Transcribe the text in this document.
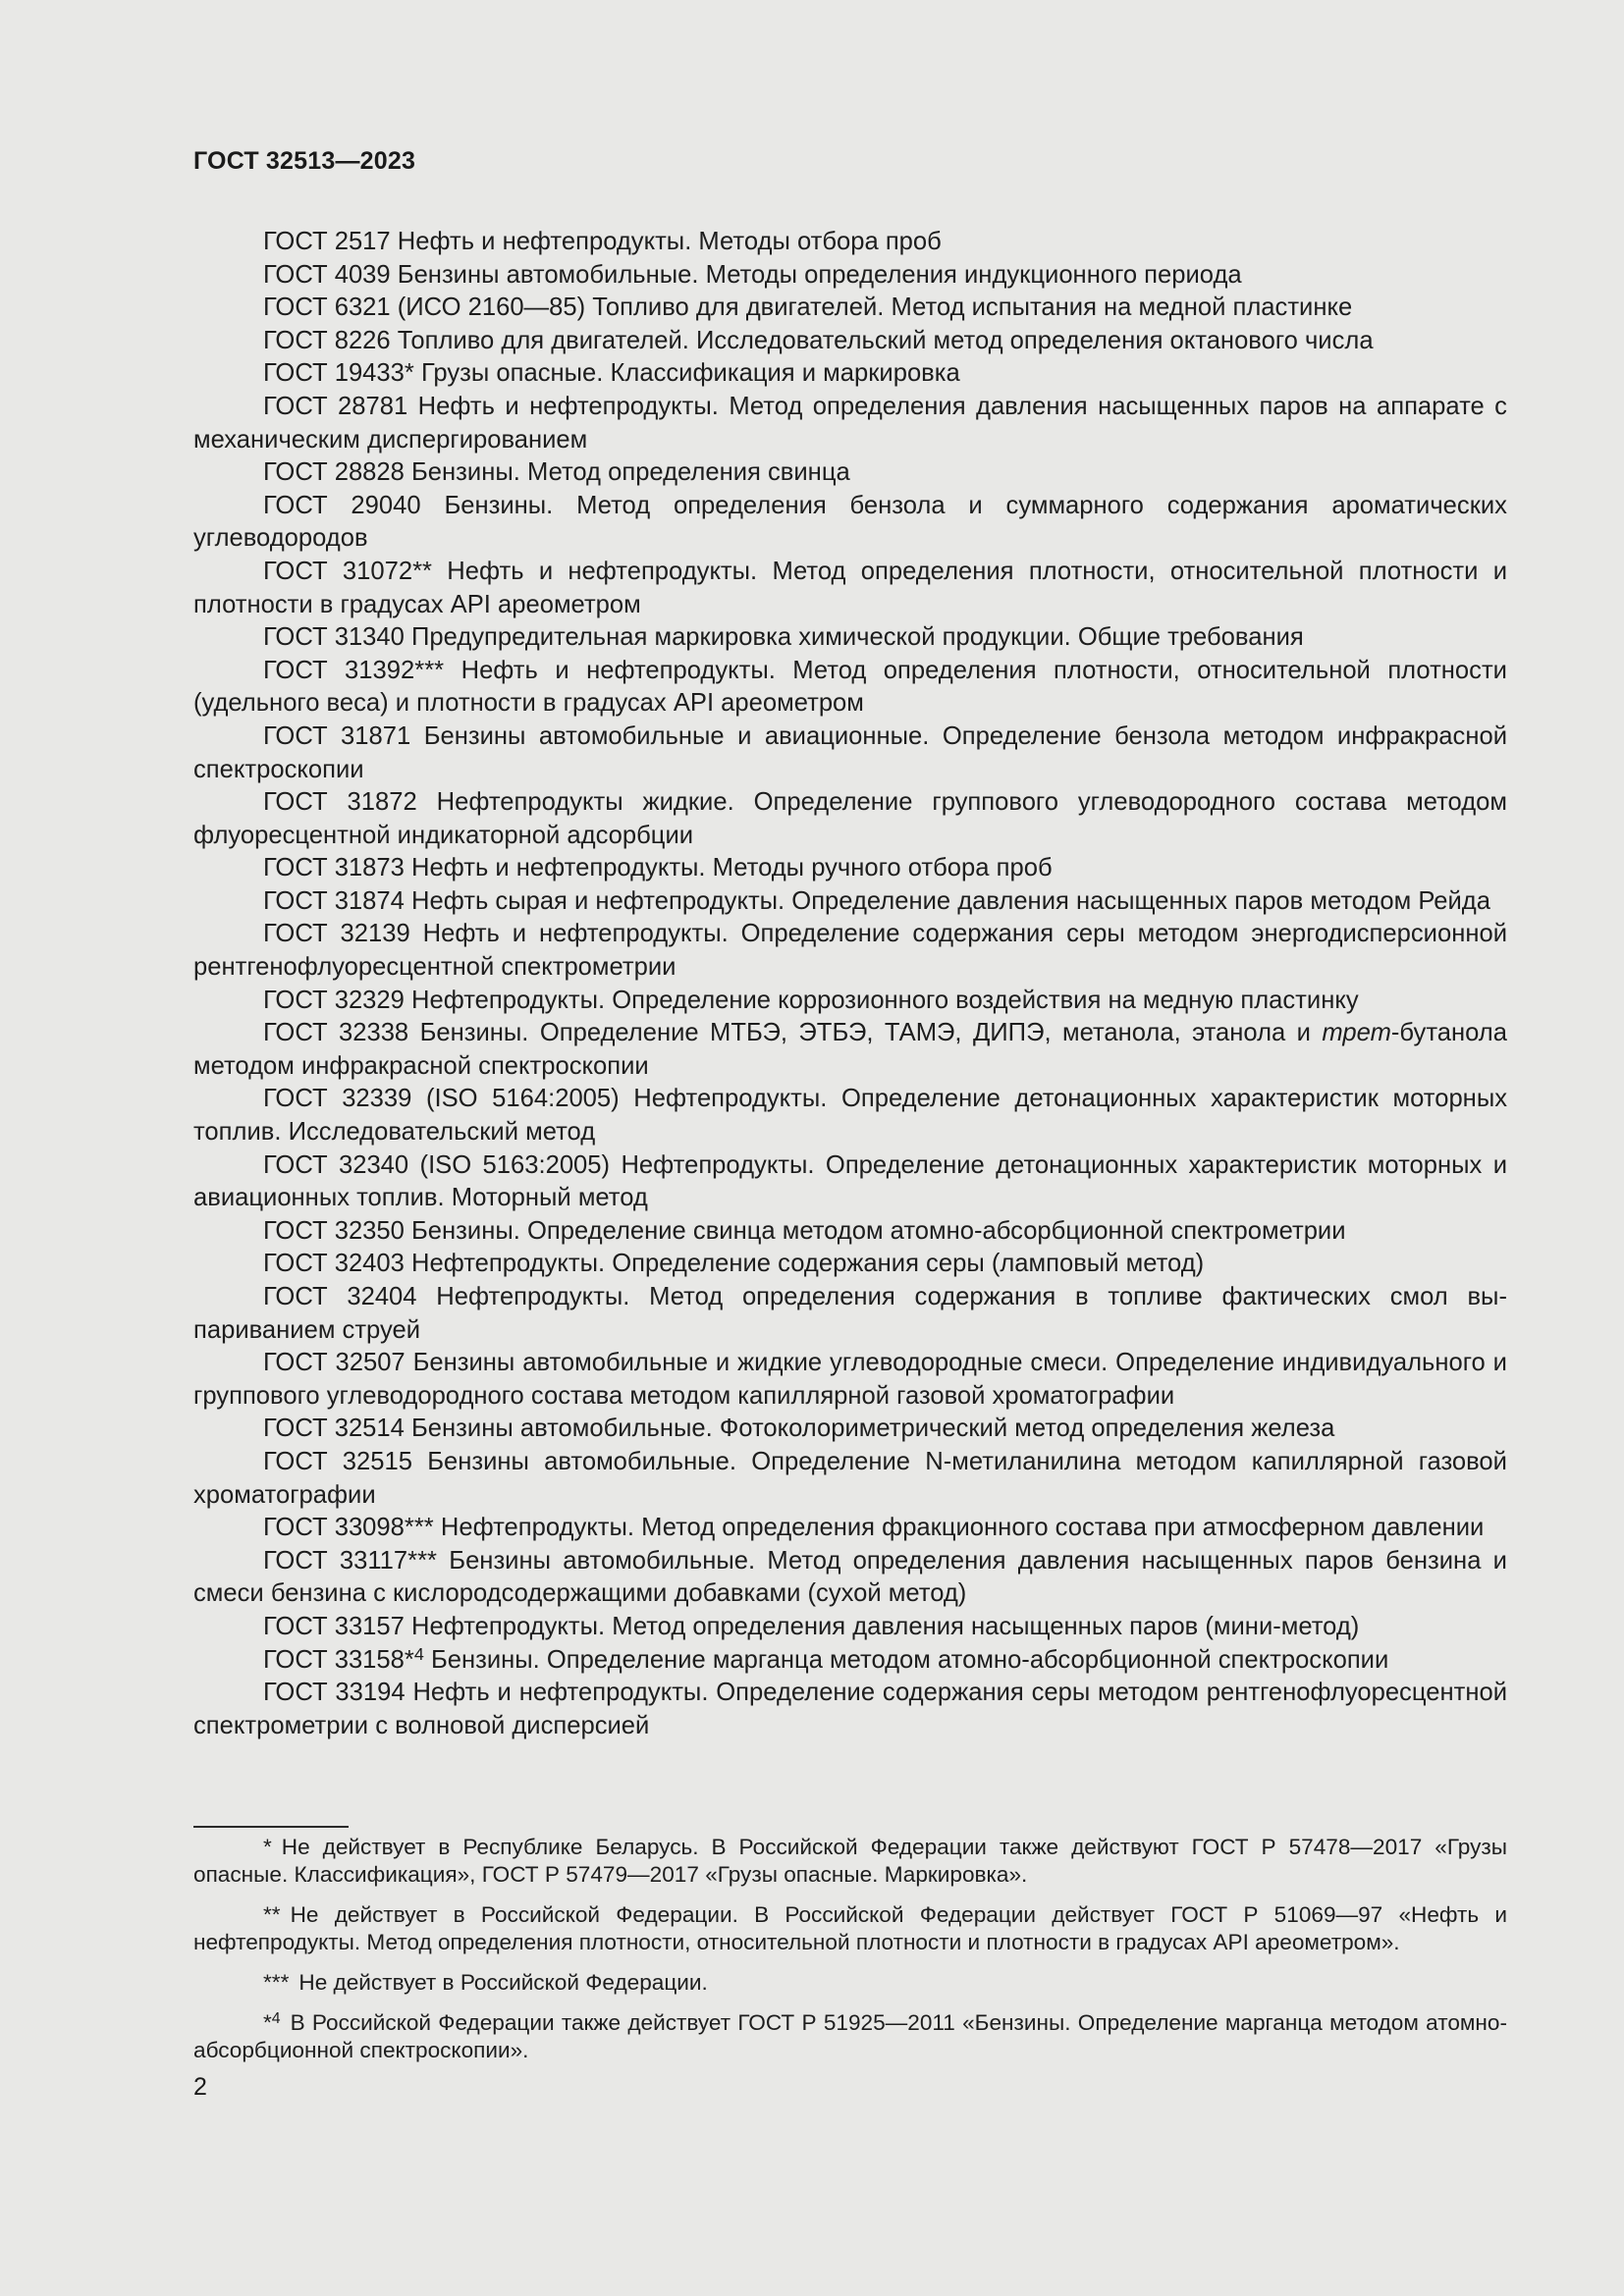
ГОСТ 32513—2023
ГОСТ 2517 Нефть и нефтепродукты. Методы отбора проб
ГОСТ 4039 Бензины автомобильные. Методы определения индукционного периода
ГОСТ 6321 (ИСО 2160—85) Топливо для двигателей. Метод испытания на медной пластинке
ГОСТ 8226 Топливо для двигателей. Исследовательский метод определения октанового числа
ГОСТ 19433* Грузы опасные. Классификация и маркировка
ГОСТ 28781 Нефть и нефтепродукты. Метод определения давления насыщенных паров на аппарате с механическим диспергированием
ГОСТ 28828 Бензины. Метод определения свинца
ГОСТ 29040 Бензины. Метод определения бензола и суммарного содержания ароматических углеводородов
ГОСТ 31072** Нефть и нефтепродукты. Метод определения плотности, относительной плотности и плотности в градусах API ареометром
ГОСТ 31340 Предупредительная маркировка химической продукции. Общие требования
ГОСТ 31392*** Нефть и нефтепродукты. Метод определения плотности, относительной плотности (удельного веса) и плотности в градусах API ареометром
ГОСТ 31871 Бензины автомобильные и авиационные. Определение бензола методом инфракрасной спектроскопии
ГОСТ 31872 Нефтепродукты жидкие. Определение группового углеводородного состава методом флуоресцентной индикаторной адсорбции
ГОСТ 31873 Нефть и нефтепродукты. Методы ручного отбора проб
ГОСТ 31874 Нефть сырая и нефтепродукты. Определение давления насыщенных паров методом Рейда
ГОСТ 32139 Нефть и нефтепродукты. Определение содержания серы методом энергодисперсионной рентгенофлуоресцентной спектрометрии
ГОСТ 32329 Нефтепродукты. Определение коррозионного воздействия на медную пластинку
ГОСТ 32338 Бензины. Определение МТБЭ, ЭТБЭ, ТАМЭ, ДИПЭ, метанола, этанола и трет-бутанола методом инфракрасной спектроскопии
ГОСТ 32339 (ISO 5164:2005) Нефтепродукты. Определение детонационных характеристик моторных топлив. Исследовательский метод
ГОСТ 32340 (ISO 5163:2005) Нефтепродукты. Определение детонационных характеристик моторных и авиационных топлив. Моторный метод
ГОСТ 32350 Бензины. Определение свинца методом атомно-абсорбционной спектрометрии
ГОСТ 32403 Нефтепродукты. Определение содержания серы (ламповый метод)
ГОСТ 32404 Нефтепродукты. Метод определения содержания в топливе фактических смол выпариванием струей
ГОСТ 32507 Бензины автомобильные и жидкие углеводородные смеси. Определение индивидуального и группового углеводородного состава методом капиллярной газовой хроматографии
ГОСТ 32514 Бензины автомобильные. Фотоколориметрический метод определения железа
ГОСТ 32515 Бензины автомобильные. Определение N-метиланилина методом капиллярной газовой хроматографии
ГОСТ 33098*** Нефтепродукты. Метод определения фракционного состава при атмосферном давлении
ГОСТ 33117*** Бензины автомобильные. Метод определения давления насыщенных паров бензина и смеси бензина с кислородсодержащими добавками (сухой метод)
ГОСТ 33157 Нефтепродукты. Метод определения давления насыщенных паров (мини-метод)
ГОСТ 33158*$^4$ Бензины. Определение марганца методом атомно-абсорбционной спектроскопии
ГОСТ 33194 Нефть и нефтепродукты. Определение содержания серы методом рентгенофлуоресцентной спектрометрии с волновой дисперсией
* Не действует в Республике Беларусь. В Российской Федерации также действуют ГОСТ Р 57478—2017 «Грузы опасные. Классификация», ГОСТ Р 57479—2017 «Грузы опасные. Маркировка».
** Не действует в Российской Федерации. В Российской Федерации действует ГОСТ Р 51069—97 «Нефть и нефтепродукты. Метод определения плотности, относительной плотности и плотности в градусах API ареометром».
*** Не действует в Российской Федерации.
*$^4$ В Российской Федерации также действует ГОСТ Р 51925—2011 «Бензины. Определение марганца методом атомно-абсорбционной спектроскопии».
2
